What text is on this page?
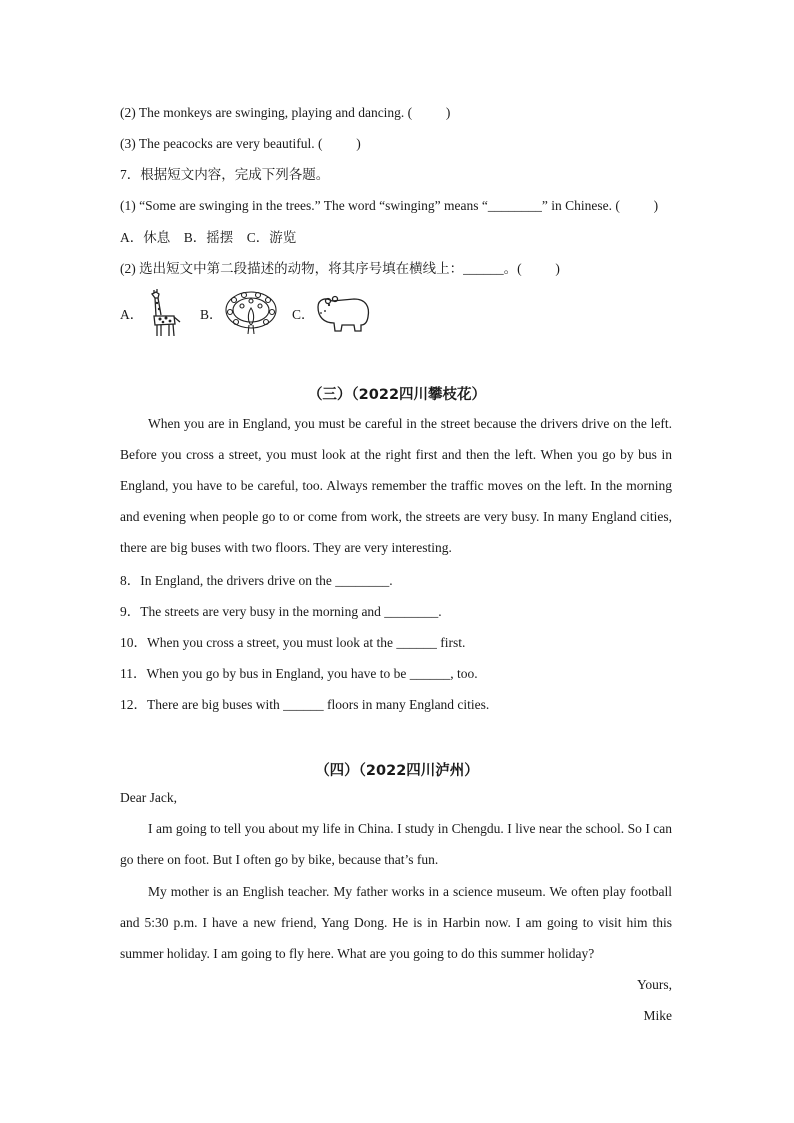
(2) The monkeys are swinging, playing and dancing. (          )
(3) The peacocks are very beautiful. (          )
7．根据短文内容，完成下列各题。
(1) “Some are swinging in the trees.” The word “swinging” means “________” in Chinese. (          )
A．休息    B．摇摆    C．游览
(2) 选出短文中第二段描述的动物，将其序号填在横线上：______。(          )
A．	B．	C．
（三）（2022四川攀枝花）
When you are in England, you must be careful in the street because the drivers drive on the left. Before you cross a street, you must look at the right first and then the left. When you go by bus in England, you have to be careful, too. Always remember the traffic moves on the left. In the morning and evening when people go to or come from work, the streets are very busy. In many England cities, there are big buses with two floors. They are very interesting.
8．In England, the drivers drive on the ________.
9．The streets are very busy in the morning and ________.
10．When you cross a street, you must look at the ______ first.
11．When you go by bus in England, you have to be ______, too.
12．There are big buses with ______ floors in many England cities.
（四）（2022四川泸州）
Dear Jack,
I am going to tell you about my life in China. I study in Chengdu. I live near the school. So I can go there on foot. But I often go by bike, because that’s fun.
My mother is an English teacher. My father works in a science museum. We often play football and 5:30 p.m. I have a new friend, Yang Dong. He is in Harbin now. I am going to visit him this summer holiday. I am going to fly here. What are you going to do this summer holiday?
Yours,
Mike
